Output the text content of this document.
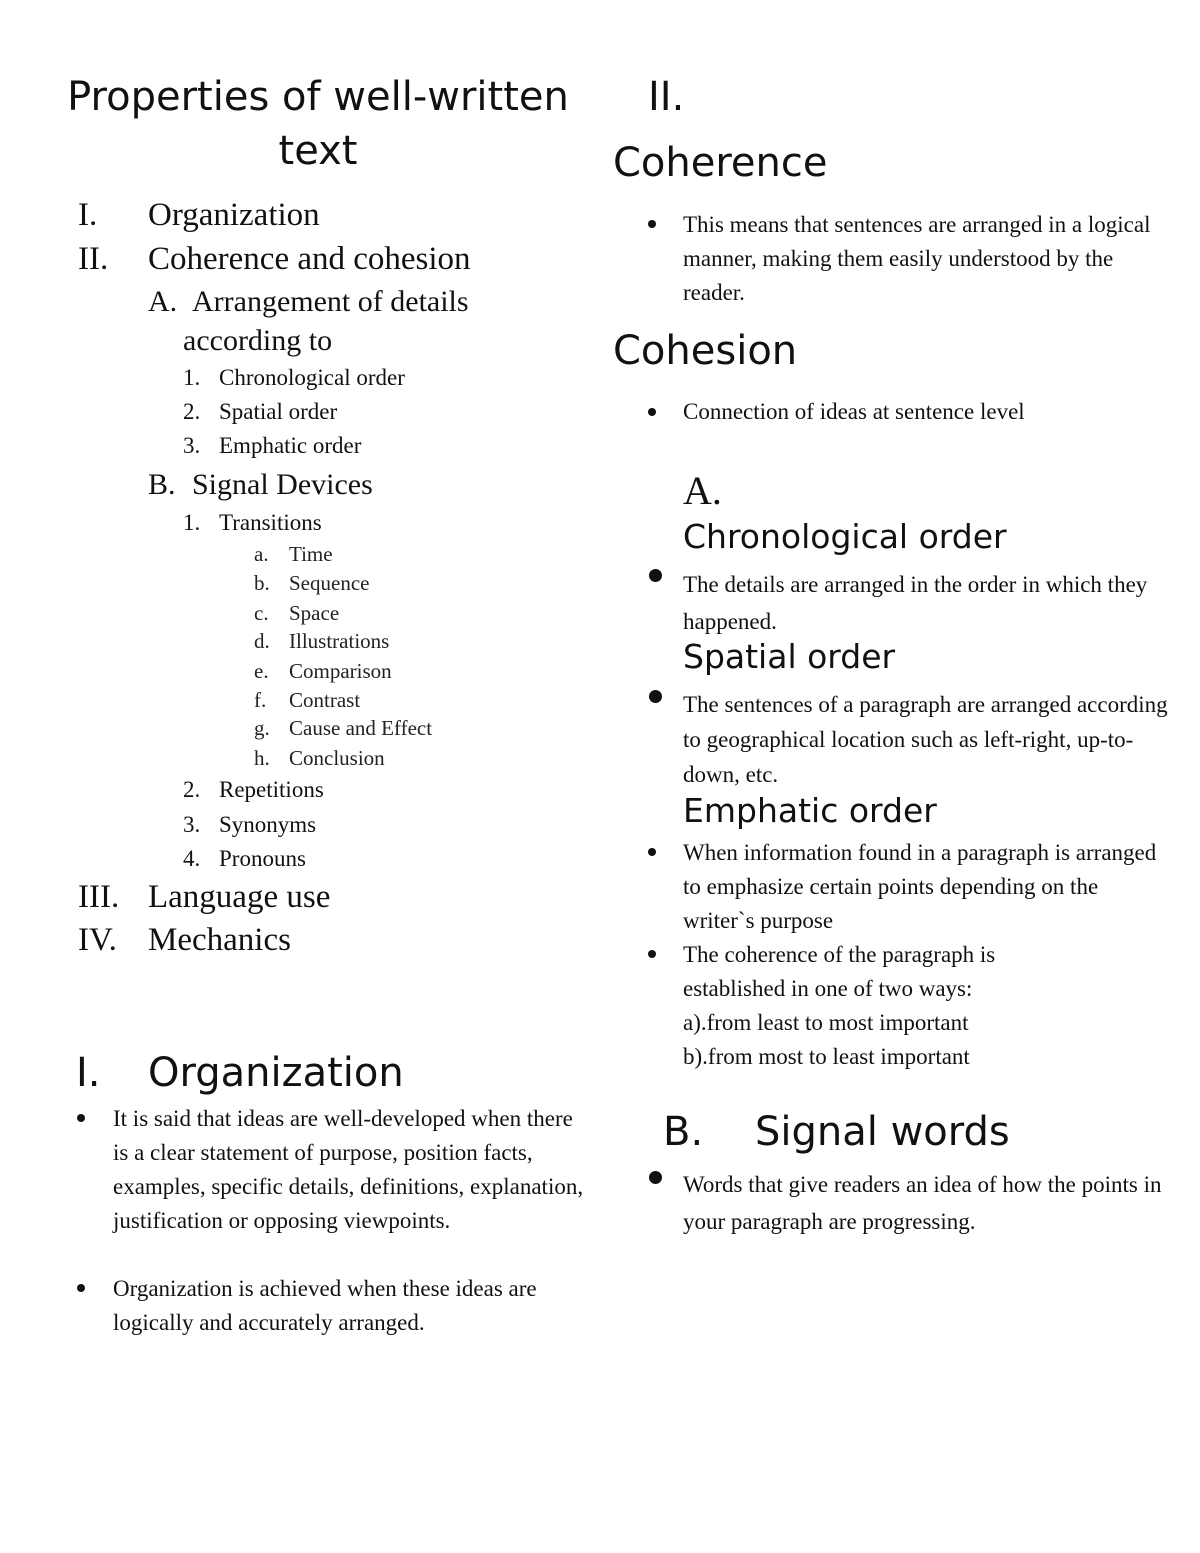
Properties of well-written text
I. Organization
II. Coherence and cohesion
A. Arrangement of details
according to
1. Chronological order
2. Spatial order
3. Emphatic order
B. Signal Devices
1. Transitions
a. Time
b. Sequence
c. Space
d. Illustrations
e. Comparison
f. Contrast
g. Cause and Effect
h. Conclusion
2. Repetitions
3. Synonyms
4. Pronouns
III. Language use
IV. Mechanics
I. Organization
It is said that ideas are well-developed when there is a clear statement of purpose, position facts, examples, specific details, definitions, explanation, justification or opposing viewpoints.
Organization is achieved when these ideas are logically and accurately arranged.
II.
Coherence
This means that sentences are arranged in a logical manner, making them easily understood by the reader.
Cohesion
Connection of ideas at sentence level
A.
Chronological order
The details are arranged in the order in which they happened.
Spatial order
The sentences of a paragraph are arranged according to geographical location such as left-right, up-to-down, etc.
Emphatic order
When information found in a paragraph is arranged to emphasize certain points depending on the writer`s purpose
The coherence of the paragraph is established in one of two ways:
a).from least to most important
b).from most to least important
B. Signal words
Words that give readers an idea of how the points in your paragraph are progressing.
